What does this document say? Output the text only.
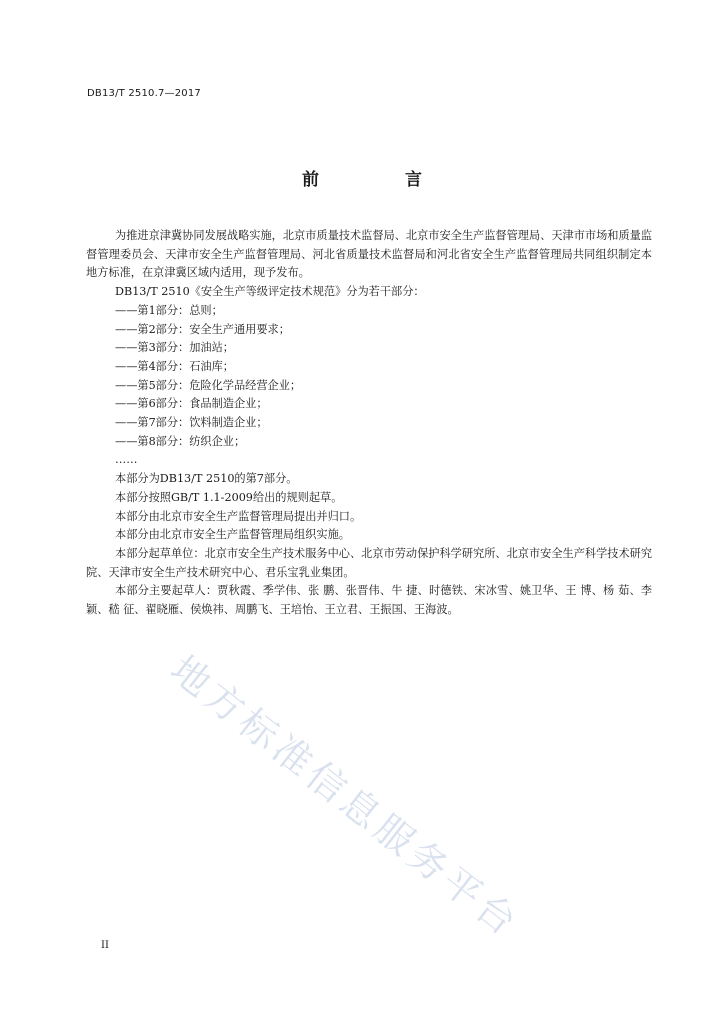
DB13/T 2510.7—2017
前 言

为推进京津冀协同发展战略实施，北京市质量技术监督局、北京市安全生产监督管理局、天津市市场和质量监督管理委员会、天津市安全生产监督管理局、河北省质量技术监督局和河北省安全生产监督管理局共同组织制定本地方标准，在京津冀区域内适用，现予发布。

DB13/T 2510《安全生产等级评定技术规范》分为若干部分：

——第1部分：总则；

——第2部分：安全生产通用要求；

——第3部分：加油站；

——第4部分：石油库；

——第5部分：危险化学品经营企业；

——第6部分：食品制造企业；

——第7部分：饮料制造企业；

——第8部分：纺织企业；

……

本部分为DB13/T 2510的第7部分。

本部分按照GB/T 1.1-2009给出的规则起草。

本部分由北京市安全生产监督管理局提出并归口。

本部分由北京市安全生产监督管理局组织实施。

本部分起草单位：北京市安全生产技术服务中心、北京市劳动保护科学研究所、北京市安全生产科学技术研究院、天津市安全生产技术研究中心、君乐宝乳业集团。

本部分主要起草人：贾秋霞、季学伟、张 鹏、张晋伟、牛 捷、时德铁、宋冰雪、姚卫华、王 博、杨 茹、李 颖、嵇 征、翟晓雁、侯焕祎、周鹏飞、王培怡、王立君、王振国、王海波。

地方标准信息服务平台
II
